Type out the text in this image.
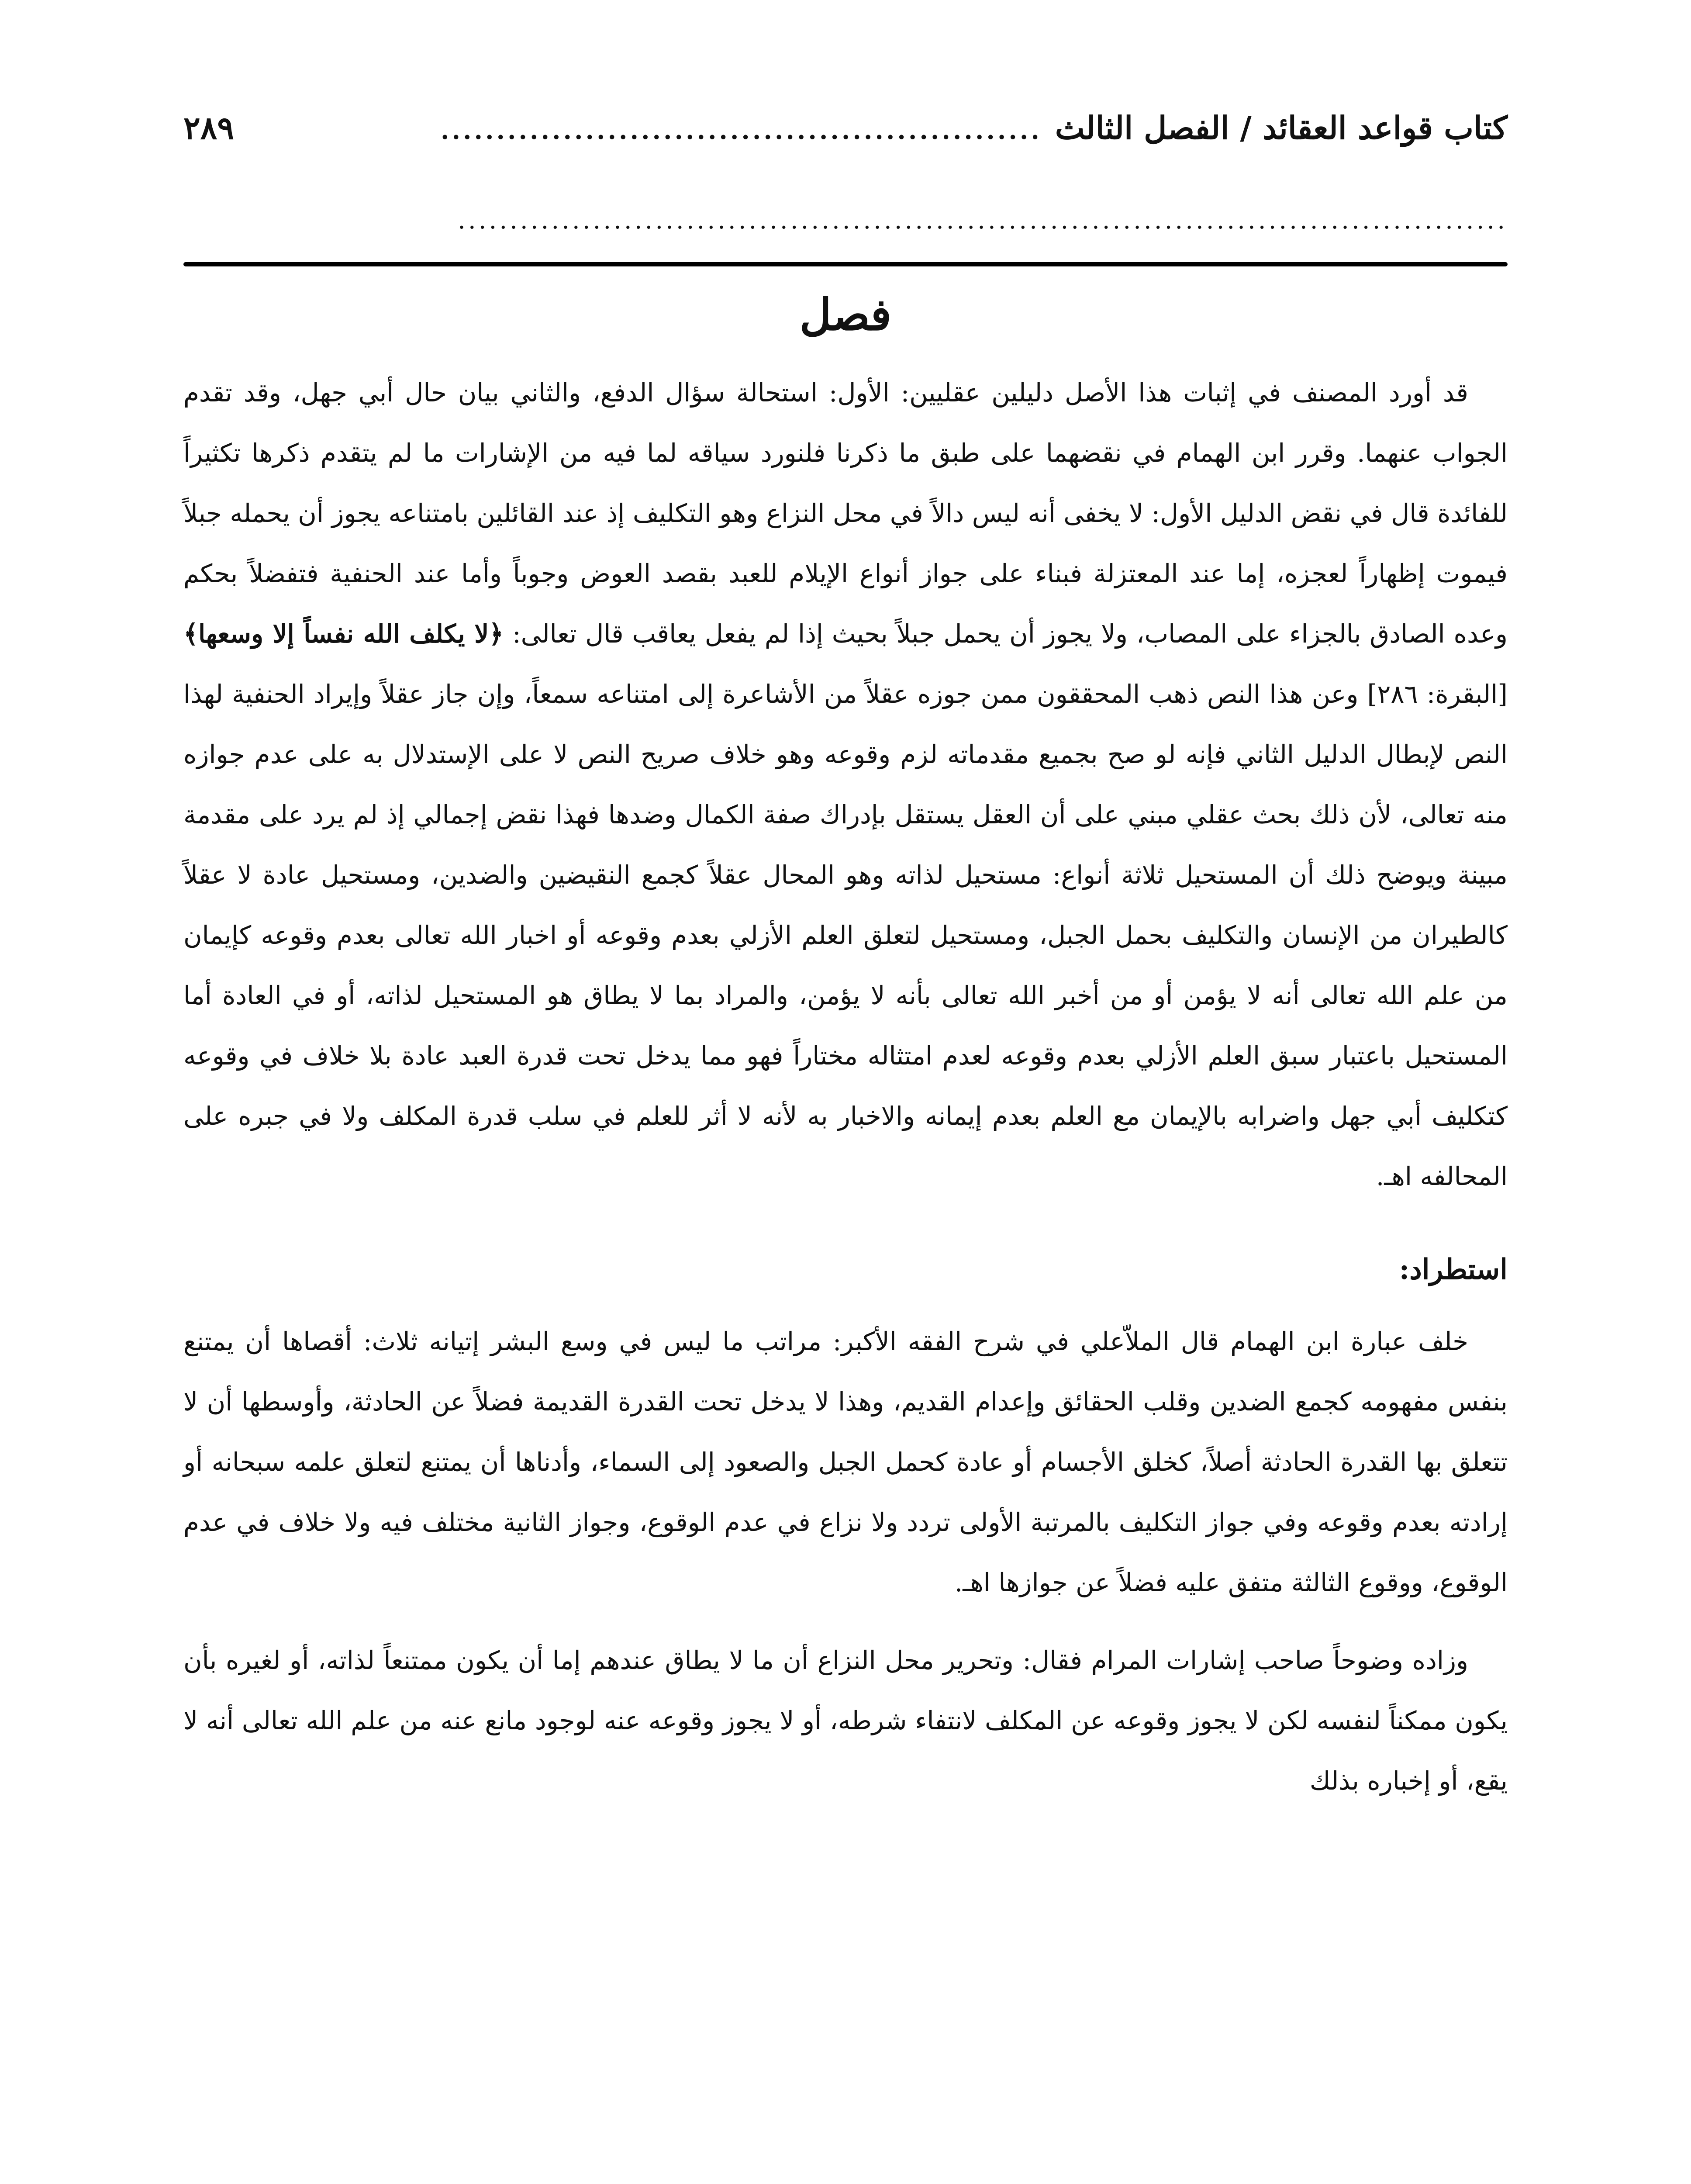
كتاب قواعد العقائد / الفصل الثالث
......................................................
٢٨٩
.....................................................................................................
فصل

قد أورد المصنف في إثبات هذا الأصل دليلين عقليين: الأول: استحالة سؤال الدفع، والثاني بيان حال أبي جهل، وقد تقدم الجواب عنهما. وقرر ابن الهمام في نقضهما على طبق ما ذكرنا فلنورد سياقه لما فيه من الإشارات ما لم يتقدم ذكرها تكثيراً للفائدة قال في نقض الدليل الأول: لا يخفى أنه ليس دالاً في محل النزاع وهو التكليف إذ عند القائلين بامتناعه يجوز أن يحمله جبلاً فيموت إظهاراً لعجزه، إما عند المعتزلة فبناء على جواز أنواع الإيلام للعبد بقصد العوض وجوباً وأما عند الحنفية فتفضلاً بحكم وعده الصادق بالجزاء على المصاب، ولا يجوز أن يحمل جبلاً بحيث إذا لم يفعل يعاقب قال تعالى: ﴿لا يكلف الله نفساً إلا وسعها﴾ [البقرة: ٢٨٦] وعن هذا النص ذهب المحققون ممن جوزه عقلاً من الأشاعرة إلى امتناعه سمعاً، وإن جاز عقلاً وإيراد الحنفية لهذا النص لإبطال الدليل الثاني فإنه لو صح بجميع مقدماته لزم وقوعه وهو خلاف صريح النص لا على الإستدلال به على عدم جوازه منه تعالى، لأن ذلك بحث عقلي مبني على أن العقل يستقل بإدراك صفة الكمال وضدها فهذا نقض إجمالي إذ لم يرد على مقدمة مبينة ويوضح ذلك أن المستحيل ثلاثة أنواع: مستحيل لذاته وهو المحال عقلاً كجمع النقيضين والضدين، ومستحيل عادة لا عقلاً كالطيران من الإنسان والتكليف بحمل الجبل، ومستحيل لتعلق العلم الأزلي بعدم وقوعه أو اخبار الله تعالى بعدم وقوعه كإيمان من علم الله تعالى أنه لا يؤمن أو من أخبر الله تعالى بأنه لا يؤمن، والمراد بما لا يطاق هو المستحيل لذاته، أو في العادة أما المستحيل باعتبار سبق العلم الأزلي بعدم وقوعه لعدم امتثاله مختاراً فهو مما يدخل تحت قدرة العبد عادة بلا خلاف في وقوعه كتكليف أبي جهل واضرابه بالإيمان مع العلم بعدم إيمانه والاخبار به لأنه لا أثر للعلم في سلب قدرة المكلف ولا في جبره على المحالفه اهـ.

استطراد:

خلف عبارة ابن الهمام قال الملاّعلي في شرح الفقه الأكبر: مراتب ما ليس في وسع البشر إتيانه ثلاث: أقصاها أن يمتنع بنفس مفهومه كجمع الضدين وقلب الحقائق وإعدام القديم، وهذا لا يدخل تحت القدرة القديمة فضلاً عن الحادثة، وأوسطها أن لا تتعلق بها القدرة الحادثة أصلاً، كخلق الأجسام أو عادة كحمل الجبل والصعود إلى السماء، وأدناها أن يمتنع لتعلق علمه سبحانه أو إرادته بعدم وقوعه وفي جواز التكليف بالمرتبة الأولى تردد ولا نزاع في عدم الوقوع، وجواز الثانية مختلف فيه ولا خلاف في عدم الوقوع، ووقوع الثالثة متفق عليه فضلاً عن جوازها اهـ.

وزاده وضوحاً صاحب إشارات المرام فقال: وتحرير محل النزاع أن ما لا يطاق عندهم إما أن يكون ممتنعاً لذاته، أو لغيره بأن يكون ممكناً لنفسه لكن لا يجوز وقوعه عن المكلف لانتفاء شرطه، أو لا يجوز وقوعه عنه لوجود مانع عنه من علم الله تعالى أنه لا يقع، أو إخباره بذلك
